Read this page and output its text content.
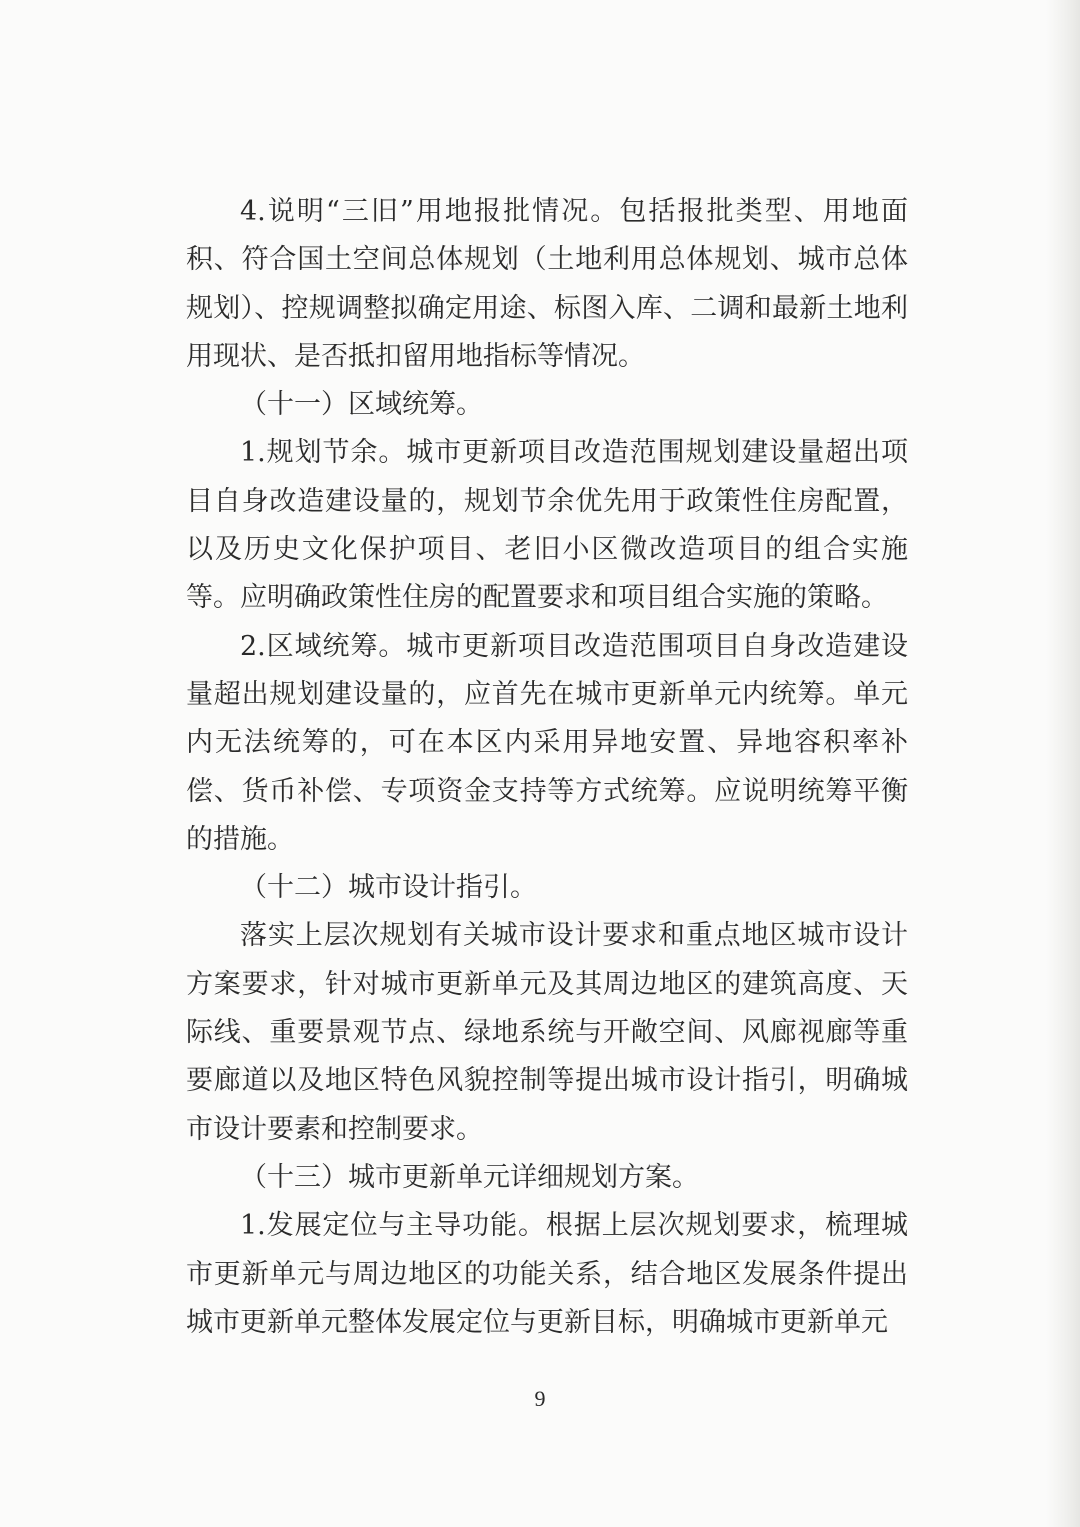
4.说明“三旧”用地报批情况。包括报批类型、用地面积、符合国土空间总体规划（土地利用总体规划、城市总体规划）、控规调整拟确定用途、标图入库、二调和最新土地利用现状、是否抵扣留用地指标等情况。

（十一）区域统筹。

1.规划节余。城市更新项目改造范围规划建设量超出项目自身改造建设量的，规划节余优先用于政策性住房配置，以及历史文化保护项目、老旧小区微改造项目的组合实施等。应明确政策性住房的配置要求和项目组合实施的策略。

2.区域统筹。城市更新项目改造范围项目自身改造建设量超出规划建设量的，应首先在城市更新单元内统筹。单元内无法统筹的，可在本区内采用异地安置、异地容积率补偿、货币补偿、专项资金支持等方式统筹。应说明统筹平衡的措施。

（十二）城市设计指引。

落实上层次规划有关城市设计要求和重点地区城市设计方案要求，针对城市更新单元及其周边地区的建筑高度、天际线、重要景观节点、绿地系统与开敞空间、风廊视廊等重要廊道以及地区特色风貌控制等提出城市设计指引，明确城市设计要素和控制要求。

（十三）城市更新单元详细规划方案。

1.发展定位与主导功能。根据上层次规划要求，梳理城市更新单元与周边地区的功能关系，结合地区发展条件提出城市更新单元整体发展定位与更新目标，明确城市更新单元

9
